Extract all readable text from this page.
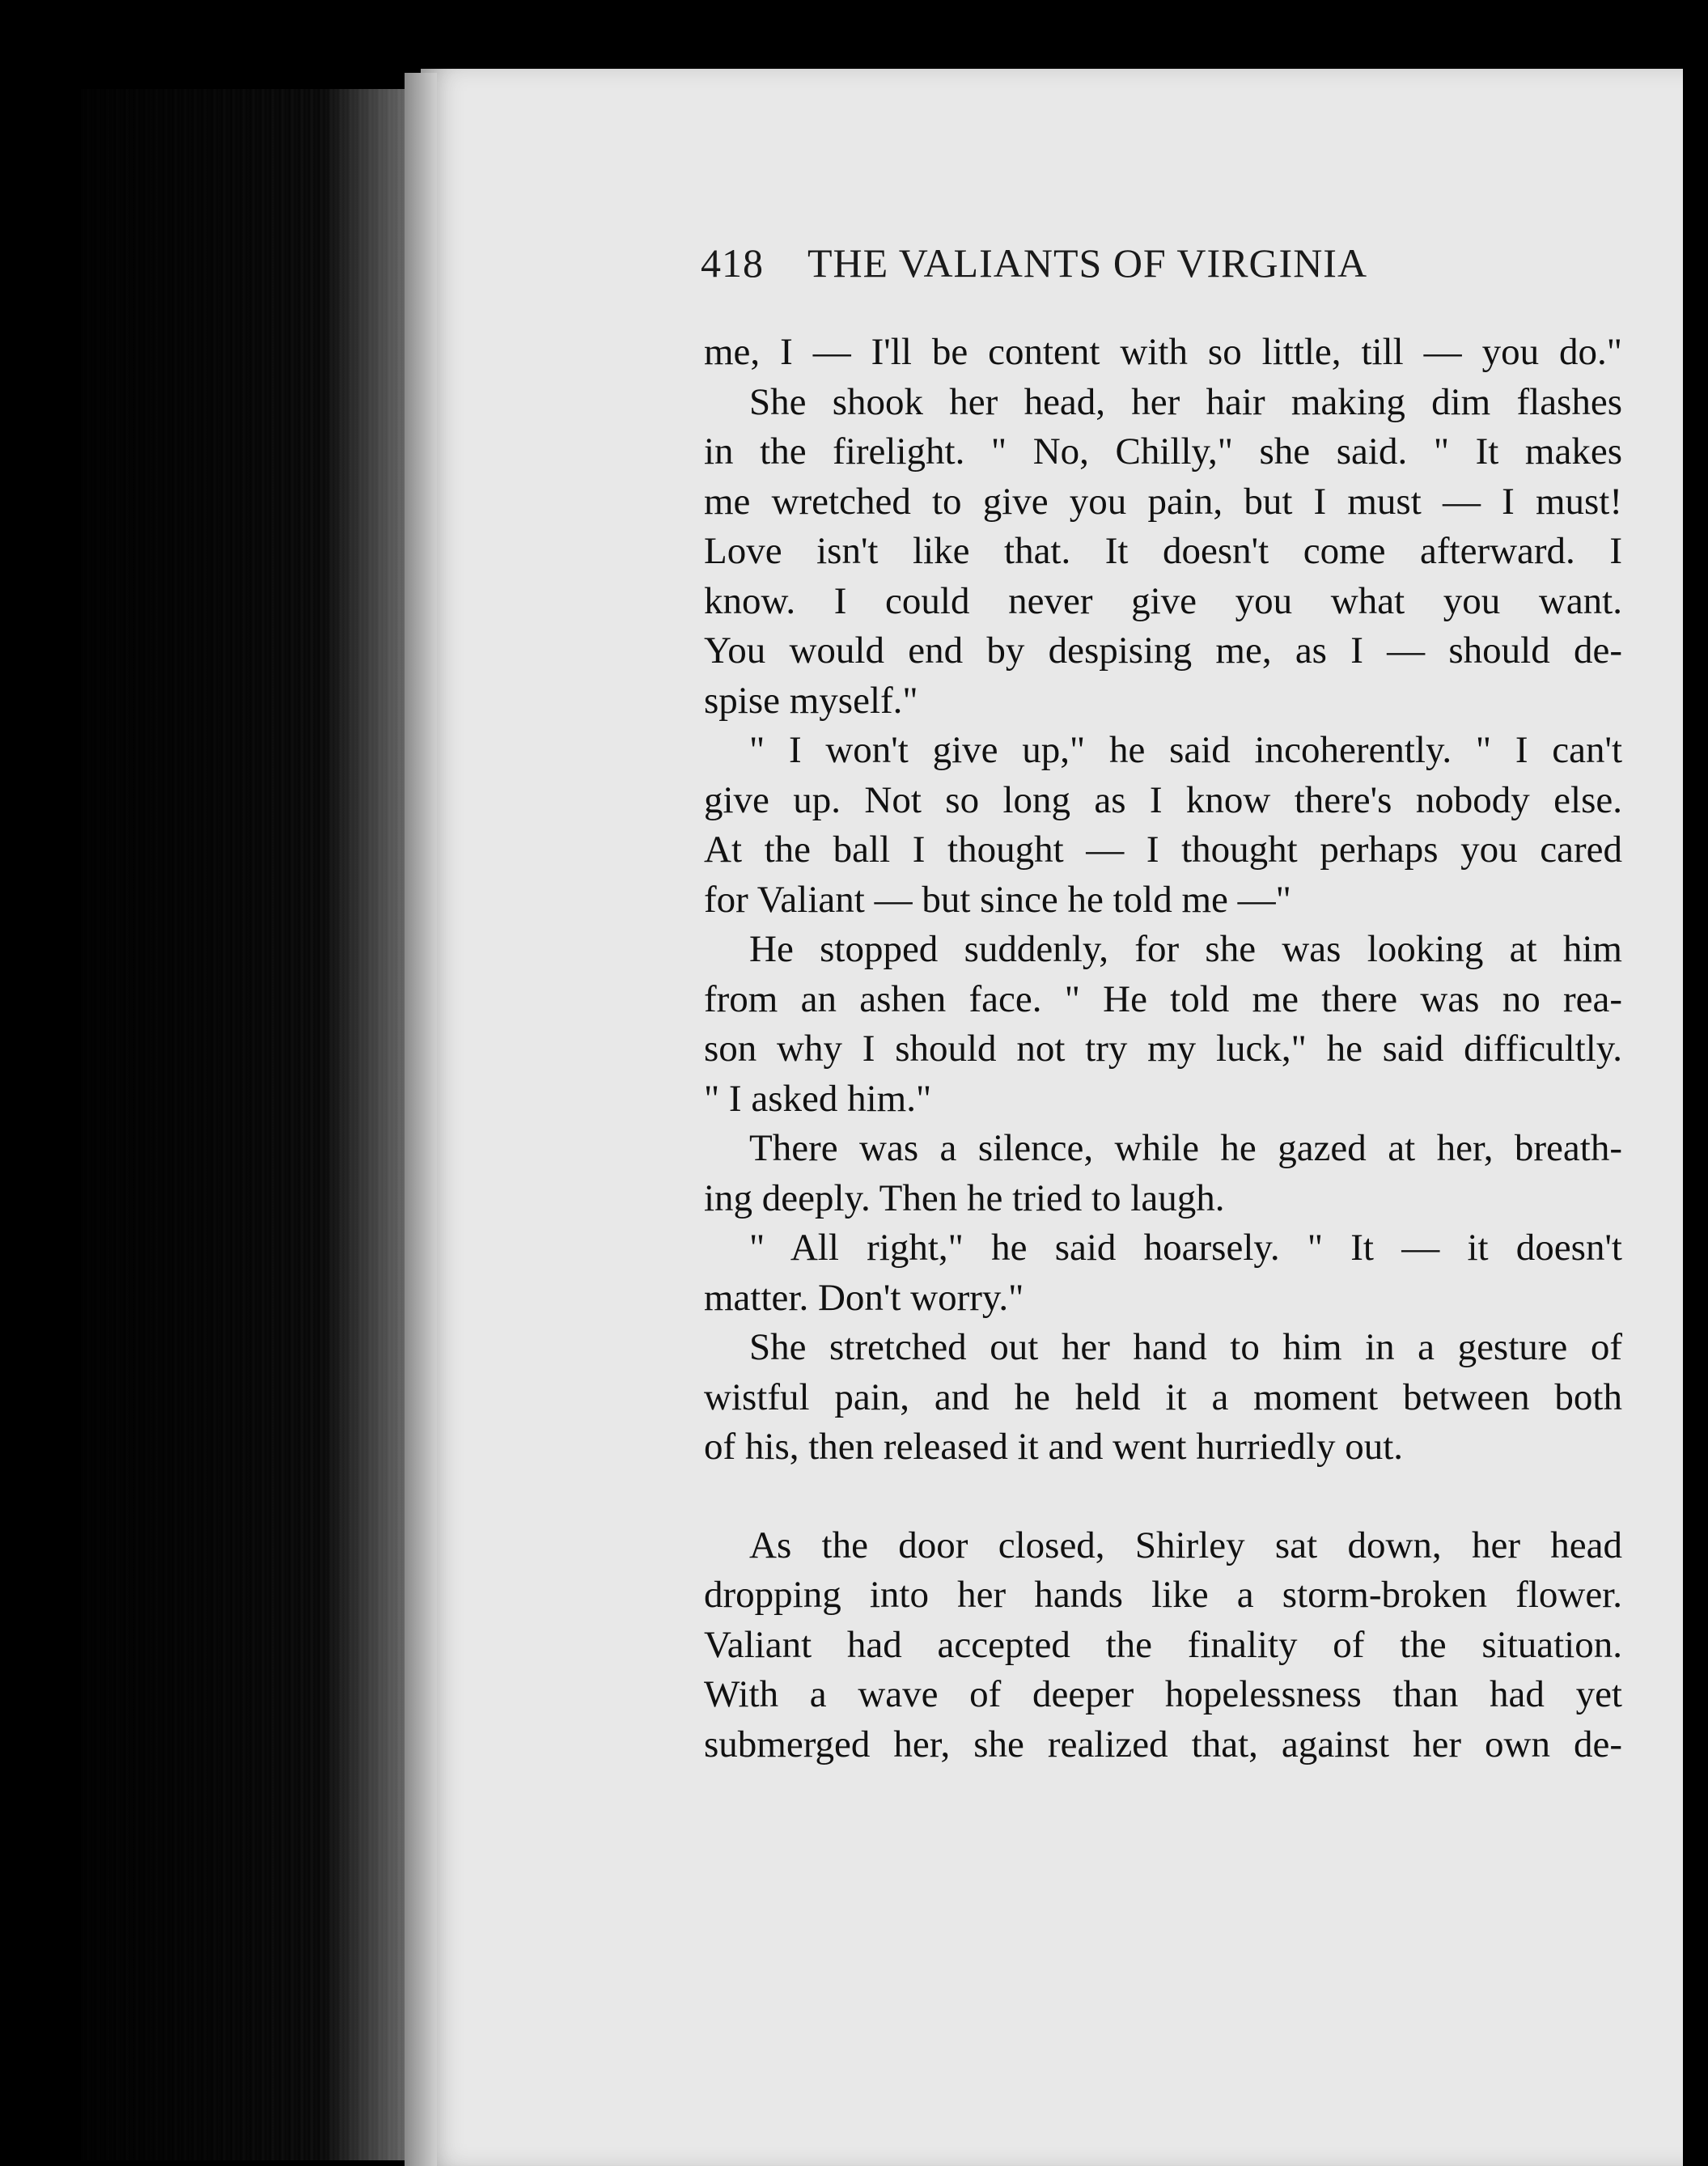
418 THE VALIANTS OF VIRGINIA
me, I — I'll be content with so little, till — you do."
She shook her head, her hair making dim flashes
in the firelight. " No, Chilly," she said. " It makes
me wretched to give you pain, but I must — I must!
Love isn't like that. It doesn't come afterward. I
know. I could never give you what you want.
You would end by despising me, as I — should de-
spise myself."
" I won't give up," he said incoherently. " I can't
give up. Not so long as I know there's nobody else.
At the ball I thought — I thought perhaps you cared
for Valiant — but since he told me —"
He stopped suddenly, for she was looking at him
from an ashen face. " He told me there was no rea-
son why I should not try my luck," he said difficultly.
" I asked him."
There was a silence, while he gazed at her, breath-
ing deeply. Then he tried to laugh.
" All right," he said hoarsely. " It — it doesn't
matter. Don't worry."
She stretched out her hand to him in a gesture of
wistful pain, and he held it a moment between both
of his, then released it and went hurriedly out.
As the door closed, Shirley sat down, her head
dropping into her hands like a storm-broken flower.
Valiant had accepted the finality of the situation.
With a wave of deeper hopelessness than had yet
submerged her, she realized that, against her own de-
